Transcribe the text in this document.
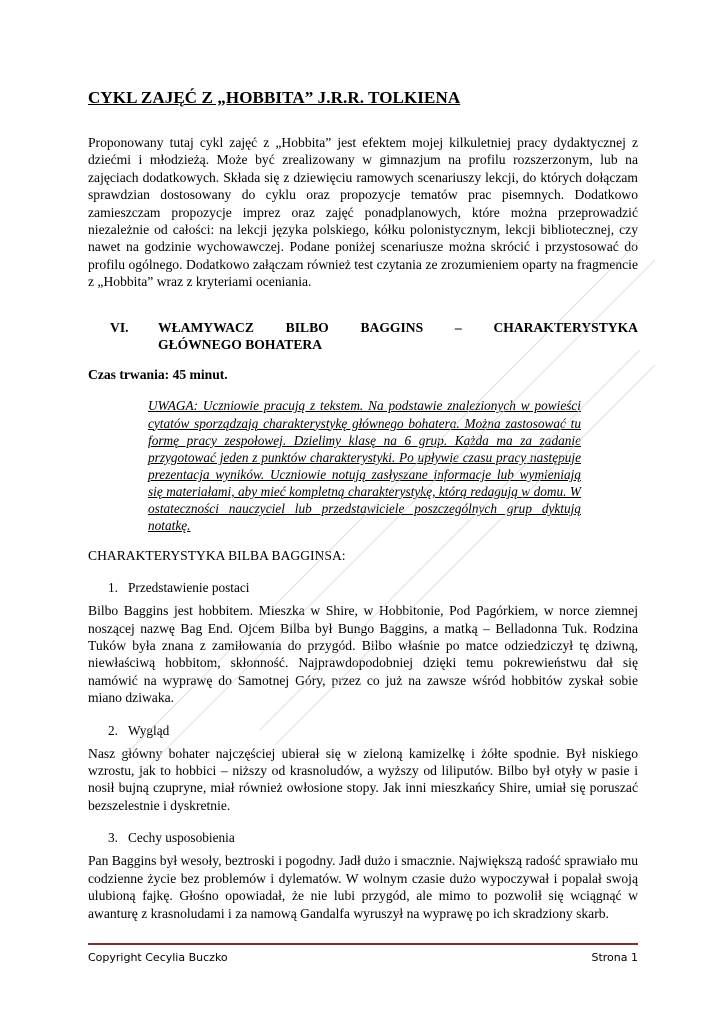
CYKL ZAJĘĆ Z „HOBBITA” J.R.R. TOLKIENA

Proponowany tutaj cykl zajęć z „Hobbita” jest efektem mojej kilkuletniej pracy dydaktycznej z dziećmi i młodzieżą. Może być zrealizowany w gimnazjum na profilu rozszerzonym, lub na zajęciach dodatkowych. Składa się z dziewięciu ramowych scenariuszy lekcji, do których dołączam sprawdzian dostosowany do cyklu oraz propozycje tematów prac pisemnych. Dodatkowo zamieszczam propozycje imprez oraz zajęć ponadplanowych, które można przeprowadzić niezależnie od całości: na lekcji języka polskiego, kółku polonistycznym, lekcji bibliotecznej, czy nawet na godzinie wychowawczej. Podane poniżej scenariusze można skrócić i przystosować do profilu ogólnego. Dodatkowo załączam również test czytania ze zrozumieniem oparty na fragmencie z „Hobbita” wraz z kryteriami oceniania.

VI.	WŁAMYWACZ BILBO BAGGINS – CHARAKTERYSTYKA
GŁÓWNEGO BOHATERA
Czas trwania: 45 minut.
UWAGA: Uczniowie pracują z tekstem. Na podstawie znalezionych w powieści cytatów sporządzają charakterystykę głównego bohatera. Można zastosować tu formę pracy zespołowej. Dzielimy klasę na 6 grup. Każda ma za zadanie przygotować jeden z punktów charakterystyki. Po upływie czasu pracy następuje prezentacja wyników. Uczniowie notują zasłyszane informacje lub wymieniają się materiałami, aby mieć kompletną charakterystykę, którą redagują w domu. W ostateczności nauczyciel lub przedstawiciele poszczególnych grup dyktują notatkę.
CHARAKTERYSTYKA BILBA BAGGINSA:
1. Przedstawienie postaci

Bilbo Baggins jest hobbitem. Mieszka w Shire, w Hobbitonie, Pod Pagórkiem, w norce ziemnej noszącej nazwę Bag End. Ojcem Bilba był Bungo Baggins, a matką – Belladonna Tuk. Rodzina Tuków była znana z zamiłowania do przygód. Bilbo właśnie po matce odziedziczył tę dziwną, niewłaściwą hobbitom, skłonność. Najprawdopodobniej dzięki temu pokrewieństwu dał się namówić na wyprawę do Samotnej Góry, przez co już na zawsze wśród hobbitów zyskał sobie miano dziwaka.

2. Wygląd

Nasz główny bohater najczęściej ubierał się w zieloną kamizelkę i żółte spodnie. Był niskiego wzrostu, jak to hobbici – niższy od krasnoludów, a wyższy od liliputów. Bilbo był otyły w pasie i nosił bujną czupryne, miał również owłosione stopy. Jak inni mieszkańcy Shire, umiał się poruszać bezszelestnie i dyskretnie.

3. Cechy usposobienia

Pan Baggins był wesoły, beztroski i pogodny. Jadł dużo i smacznie. Największą radość sprawiało mu codzienne życie bez problemów i dylematów. W wolnym czasie dużo wypoczywał i popalał swoją ulubioną fajkę. Głośno opowiadał, że nie lubi przygód, ale mimo to pozwolił się wciągnąć w awanturę z krasnoludami i za namową Gandalfa wyruszył na wyprawę po ich skradziony skarb.

Copyright Cecylia Buczko	Strona 1
